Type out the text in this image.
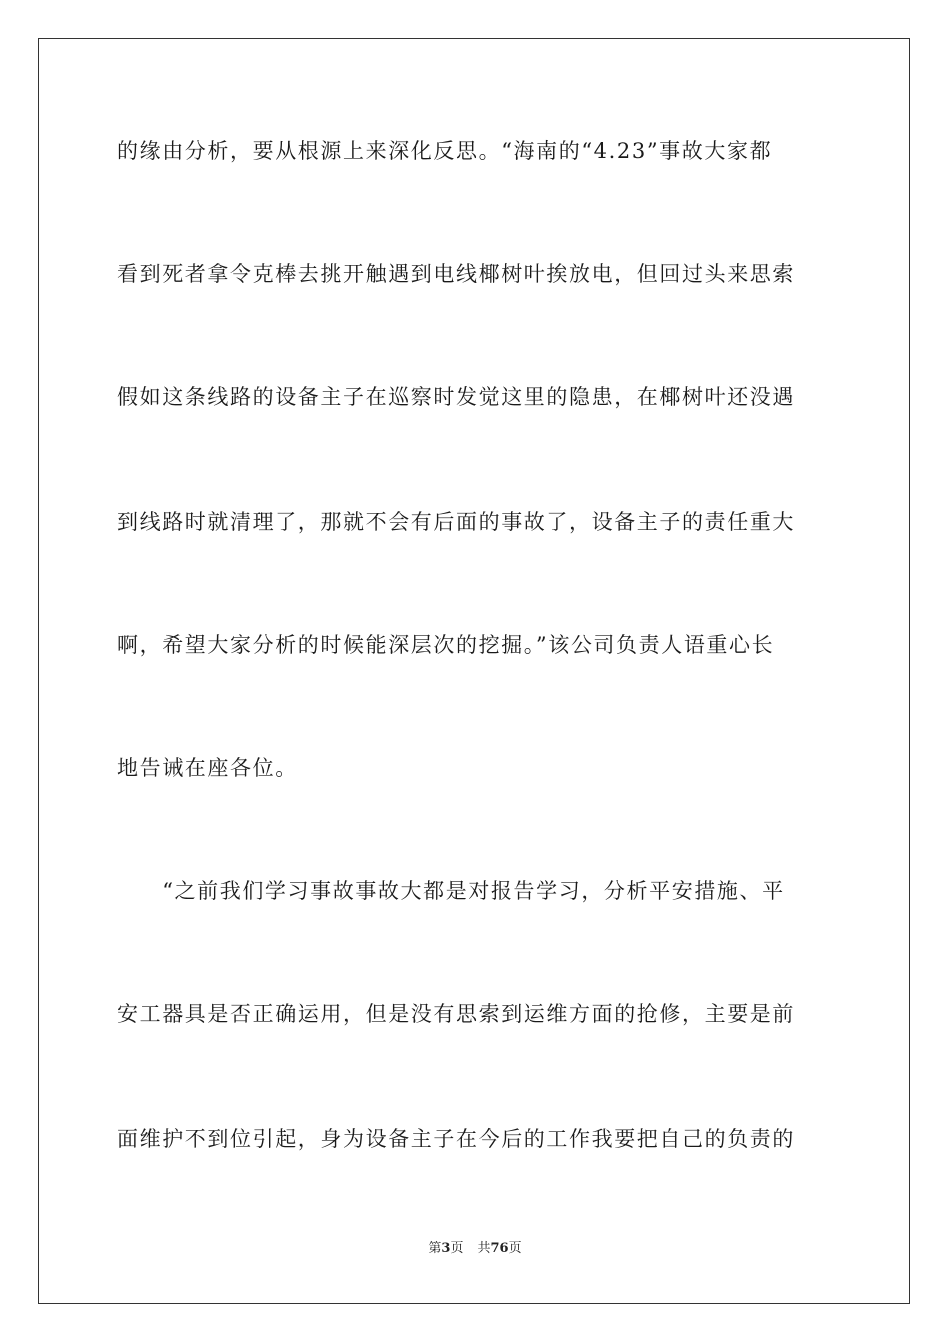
的缘由分析，要从根源上来深化反思。“海南的“4.23”事故大家都
看到死者拿令克棒去挑开触遇到电线椰树叶挨放电，但回过头来思索
假如这条线路的设备主子在巡察时发觉这里的隐患，在椰树叶还没遇
到线路时就清理了，那就不会有后面的事故了，设备主子的责任重大
啊，希望大家分析的时候能深层次的挖掘。”该公司负责人语重心长
地告诫在座各位。
　　“之前我们学习事故事故大都是对报告学习，分析平安措施、平
安工器具是否正确运用，但是没有思索到运维方面的抢修，主要是前
面维护不到位引起，身为设备主子在今后的工作我要把自己的负责的
第3页 共76页
